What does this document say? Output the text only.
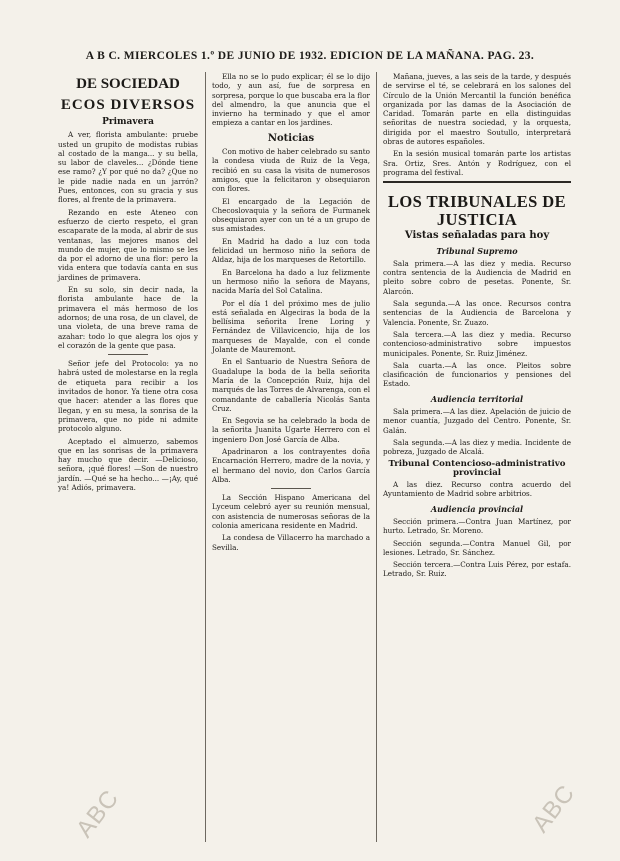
A B C. MIERCOLES 1.º DE JUNIO DE 1932. EDICION DE LA MAÑANA. PAG. 23.
DE SOCIEDAD
ECOS DIVERSOS
Primavera

A ver, florista ambulante: pruebe usted un grupito de modistas rubias al costado de la manga... y su bella, su labor de claveles... ¿Dónde tiene ese ramo? ¿Y por qué no da? ¿Que no le pide nadie nada en un jarrón? Pues, entonces, con su gracia y sus flores, al frente de la primavera.

Rezando en este Ateneo con esfuerzo de cierto respeto, el gran escaparate de la moda, al abrir de sus ventanas, las mejores manos del mundo de mujer, que lo mismo se les da por el adorno de una flor: pero la vida entera que todavía canta en sus jardines de primavera.

En su solo, sin decir nada, la florista ambulante hace de la primavera el más hermoso de los adornos; de una rosa, de un clavel, de una violeta, de una breve rama de azahar: todo lo que alegra los ojos y el corazón de la gente que pasa.

Señor jefe del Protocolo: ya no habrá usted de molestarse en la regla de etiqueta para recibir a los invitados de honor. Ya tiene otra cosa que hacer: atender a las flores que llegan, y en su mesa, la sonrisa de la primavera, que no pide ni admite protocolo alguno.

Aceptado el almuerzo, sabemos que en las sonrisas de la primavera hay mucho que decir. —Delicioso, señora, ¡qué flores! —Son de nuestro jardín. —Qué se ha hecho... —¡Ay, qué ya! Adiós, primavera.

Ella no se lo pudo explicar; él se lo dijo todo, y aun así, fue de sorpresa en sorpresa, porque lo que buscaba era la flor del almendro, la que anuncia que el invierno ha terminado y que el amor empieza a cantar en los jardines.

Noticias

Con motivo de haber celebrado su santo la condesa viuda de Ruiz de la Vega, recibió en su casa la visita de numerosos amigos, que la felicitaron y obsequiaron con flores.

El encargado de la Legación de Checoslovaquia y la señora de Furmanek obsequiaron ayer con un té a un grupo de sus amistades.

En Madrid ha dado a luz con toda felicidad un hermoso niño la señora de Aldaz, hija de los marqueses de Retortillo.

En Barcelona ha dado a luz felizmente un hermoso niño la señora de Mayans, nacida María del Sol Catalina.

Por el día 1 del próximo mes de julio está señalada en Algeciras la boda de la bellísima señorita Irene Loring y Fernández de Villavicencio, hija de los marqueses de Mayalde, con el conde Jolante de Mauremont.

En el Santuario de Nuestra Señora de Guadalupe la boda de la bella señorita María de la Concepción Ruiz, hija del marqués de las Torres de Alvarenga, con el comandante de caballería Nicolás Santa Cruz.

En Segovia se ha celebrado la boda de la señorita Juanita Ugarte Herrero con el ingeniero Don José García de Alba.

Apadrinaron a los contrayentes doña Encarnación Herrero, madre de la novia, y el hermano del novio, don Carlos García Alba.

La Sección Hispano Americana del Lyceum celebró ayer su reunión mensual, con asistencia de numerosas señoras de la colonia americana residente en Madrid.

La condesa de Villacerro ha marchado a Sevilla.

Mañana, jueves, a las seis de la tarde, y después de servirse el té, se celebrará en los salones del Círculo de la Unión Mercantil la función benéfica organizada por las damas de la Asociación de Caridad. Tomarán parte en ella distinguidas señoritas de nuestra sociedad, y la orquesta, dirigida por el maestro Soutullo, interpretará obras de autores españoles.

En la sesión musical tomarán parte los artistas Sra. Ortiz, Sres. Antón y Rodríguez, con el programa del festival.

LOS TRIBUNALES DE JUSTICIA
Vistas señaladas para hoy
Tribunal Supremo

Sala primera.—A las diez y media. Recurso contra sentencia de la Audiencia de Madrid en pleito sobre cobro de pesetas. Ponente, Sr. Alarcón.

Sala segunda.—A las once. Recursos contra sentencias de la Audiencia de Barcelona y Valencia. Ponente, Sr. Zuazo.

Sala tercera.—A las diez y media. Recurso contencioso-administrativo sobre impuestos municipales. Ponente, Sr. Ruiz Jiménez.

Sala cuarta.—A las once. Pleitos sobre clasificación de funcionarios y pensiones del Estado.

Audiencia territorial

Sala primera.—A las diez. Apelación de juicio de menor cuantía, Juzgado del Centro. Ponente, Sr. Galán.

Sala segunda.—A las diez y media. Incidente de pobreza, Juzgado de Alcalá.

Tribunal Contencioso-administrativo provincial

A las diez. Recurso contra acuerdo del Ayuntamiento de Madrid sobre arbitrios.

Audiencia provincial

Sección primera.—Contra Juan Martínez, por hurto. Letrado, Sr. Moreno.

Sección segunda.—Contra Manuel Gil, por lesiones. Letrado, Sr. Sánchez.

Sección tercera.—Contra Luis Pérez, por estafa. Letrado, Sr. Ruiz.

ABC	ABC
